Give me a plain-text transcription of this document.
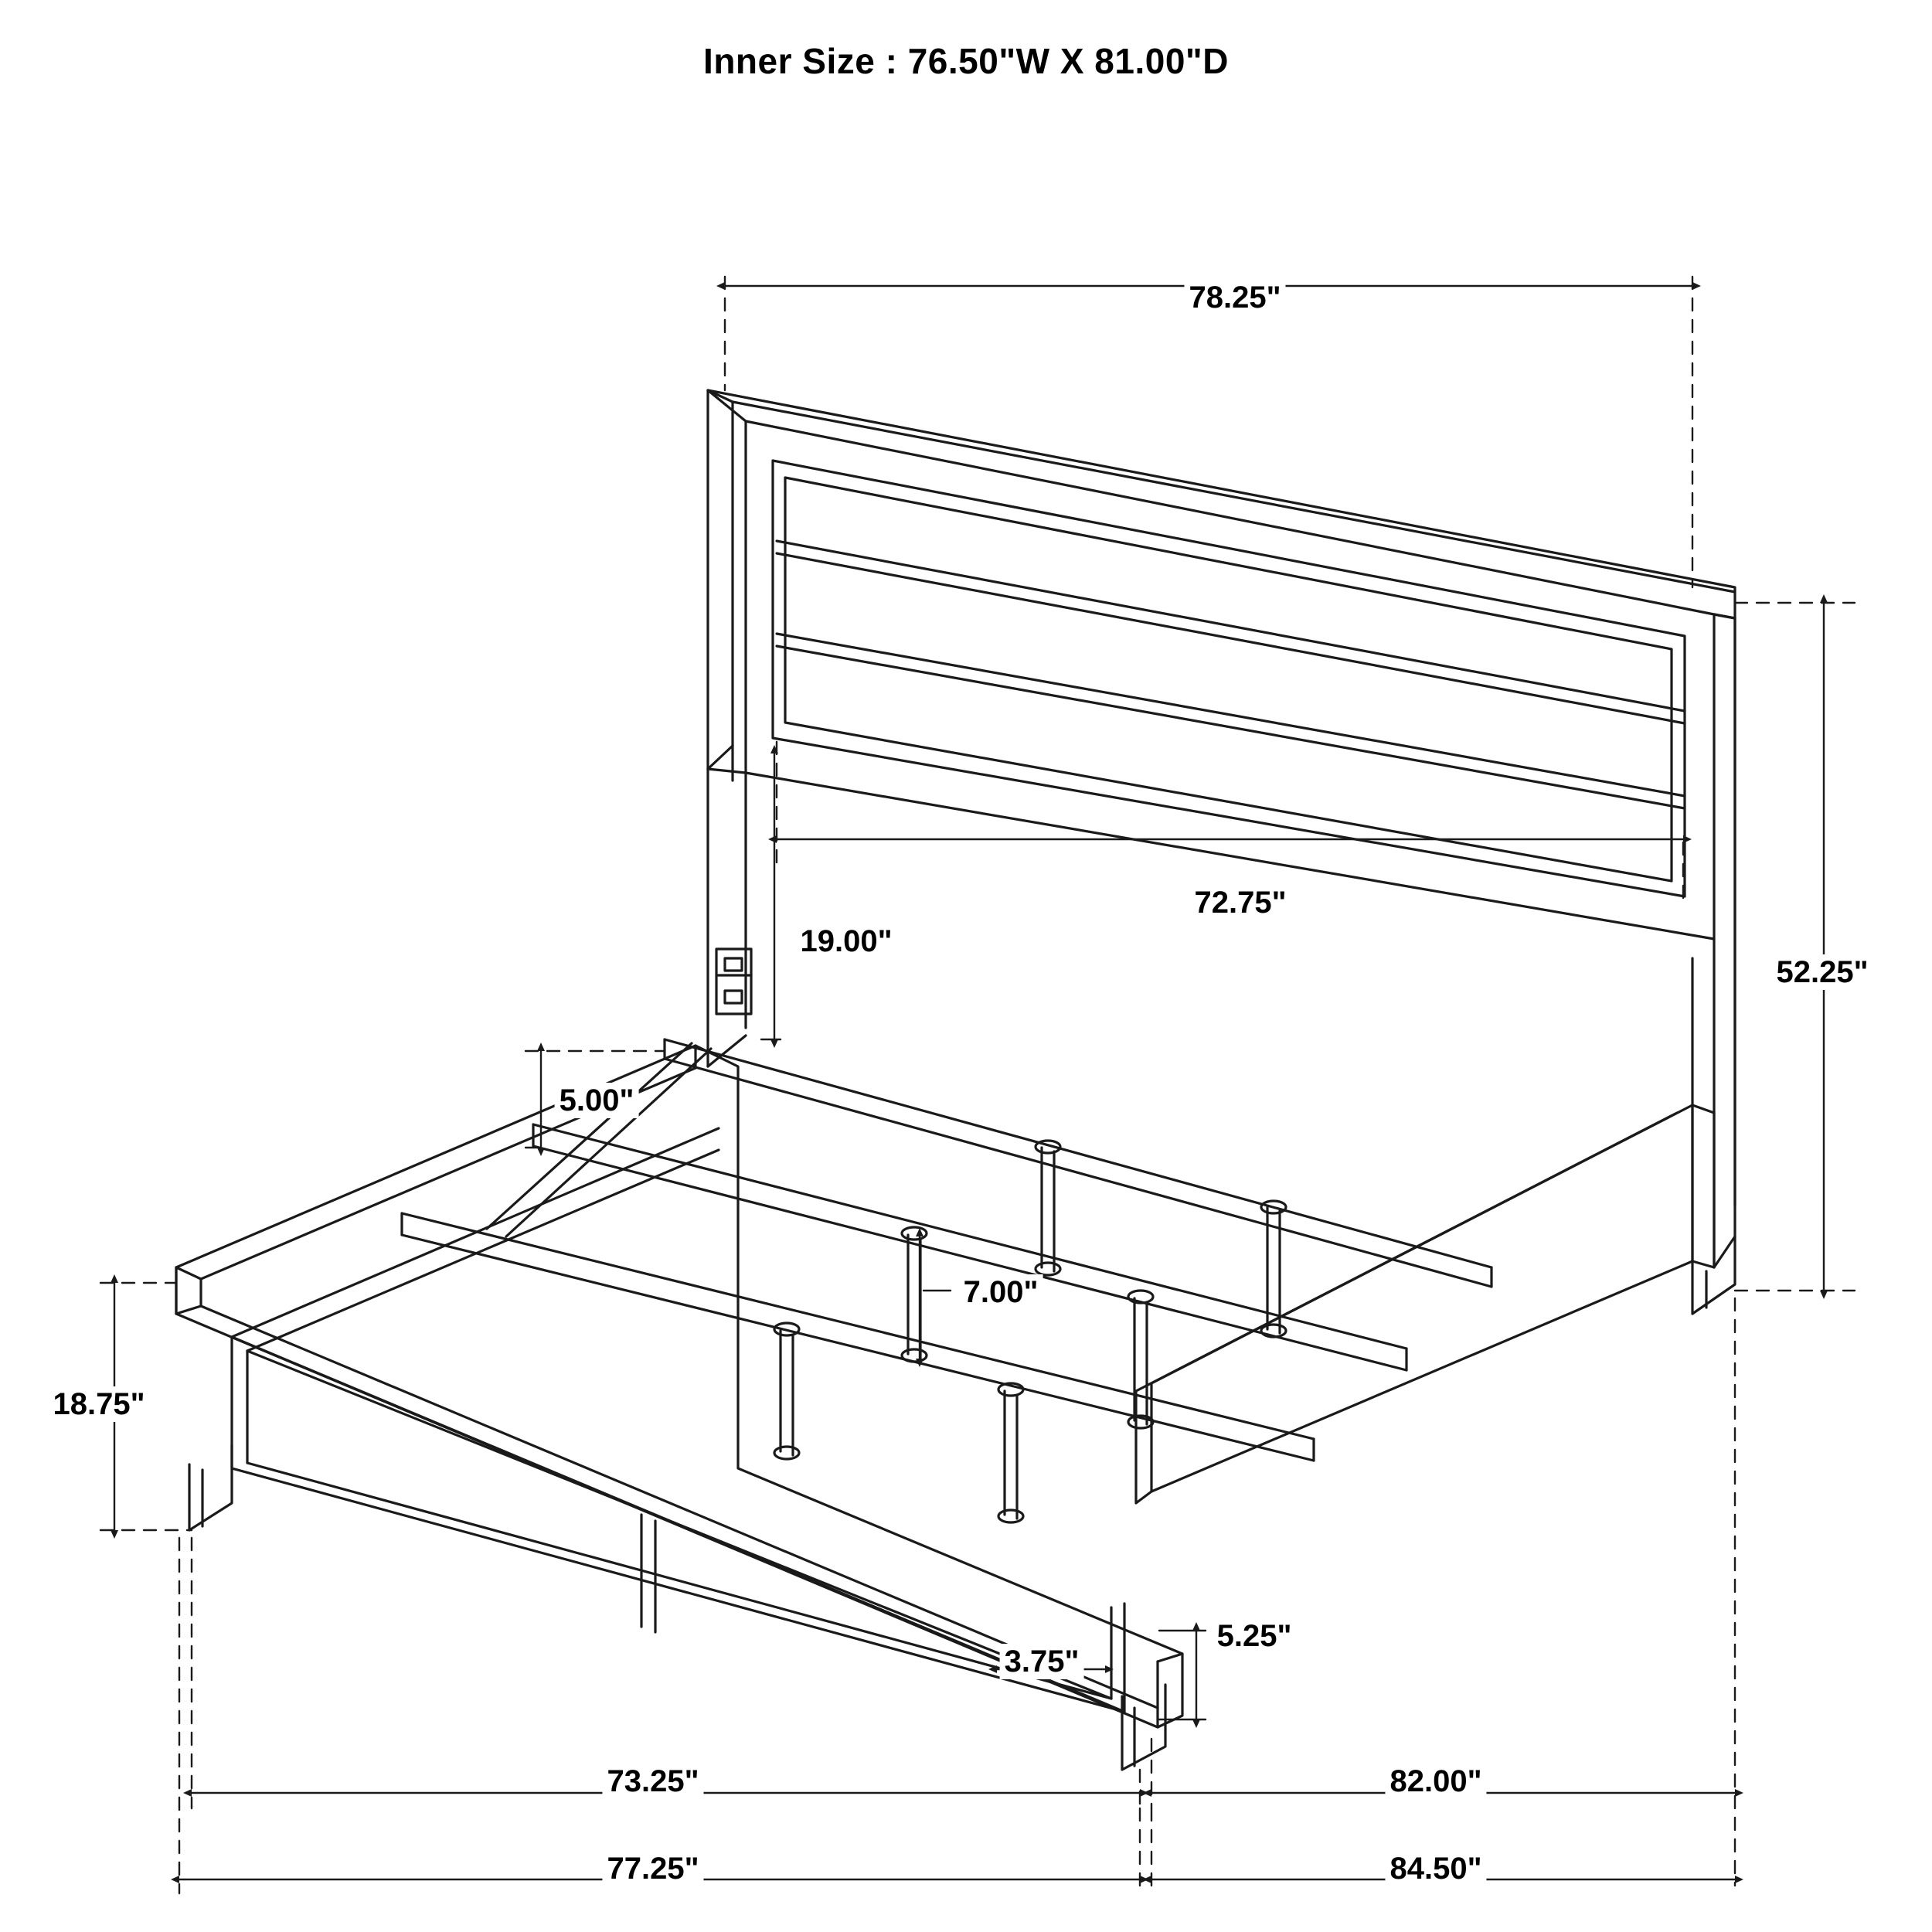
Inner Size : 76.50"W X 81.00"D
78.25"
72.75"
19.00"
5.00"
7.00"
52.25"
18.75"
3.75"
5.25"
73.25"	82.00"
77.25"	84.50"
